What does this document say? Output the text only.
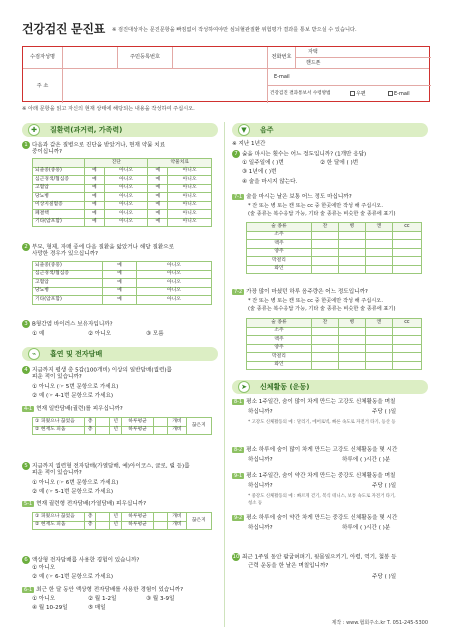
건강검진 문진표 ※ 검진대상자는 문진문항을 빠짐없이 작성하여야만 심뇌혈관질환 위험평가 결과를 통보 받으실 수 있습니다.
수검자성명	주민등록번호	전화번호
자택
핸드폰
주 소
E-mail
건강검진 결과통보서 수령방법	우편	E-mail
※ 아래 문항을 읽고 자신의 현재 상태에 해당되는 내용을 작성하여 주십시오.
✚	질환력(과거력, 가족력)
1 다음과 같은 질병으로 진단을 받았거나, 현재 약물 치료
중이십니까?
	진단		약물치료	
뇌졸중(중풍)	예	아니오	예	아니오
심근경색/협심증	예	아니오	예	아니오
고혈압	예	아니오	예	아니오
당뇨병	예	아니오	예	아니오
이상지질혈증	예	아니오	예	아니오
폐결핵	예	아니오	예	아니오
기타(암포함)	예	아니오	예	아니오
2 부모, 형제, 자매 중에 다음 질환을 앓았거나 해당 질환으로
사망한 경우가 있으십니까?
뇌졸중(중풍)	예	아니오
심근경색/협심증	예	아니오
고혈압	예	아니오
당뇨병	예	아니오
기타(암포함)	예	아니오
3 B형간염 바이러스 보유자입니까?
① 예	② 아니오	③ 모름
⌁	흡연 및 전자담배
4 지금까지 평생 총 5갑(100개비) 이상의 일반담배(궐련)를
피운 적이 있습니까?
① 아니오 (☞ 5번 문항으로 가세요)
② 예 (☞ 4-1번 문항으로 가세요)
4-1 현재 일반담배(궐련)를 피우십니까?
① 피웠으나 끊었음	총		년	하루평균		개비	끊은지
② 현재도 피움	총		년	하루평균		개비	
5 지금까지 궐련형 전자담배(가열담배, 예)아이코스, 글로, 릴 등)를
피운 적이 있습니까?
① 아니오 (☞ 6번 문항으로 가세요)
② 예 (☞ 5-1번 문항으로 가세요)
5-1 현재 궐련형 전자담배(가열담배) 피우십니까?
① 피웠으나 끊었음	총		년	하루평균		개비	끊은지
② 현재도 피움	총		년	하루평균		개비	
6 액상형 전자담배를 사용한 경험이 있습니까?
① 아니오
② 예 (☞ 6-1번 문항으로 가세요)
6-1 최근 한 달 동안 액상형 전자담배를 사용한 경험이 있습니까?
① 아니오	② 월 1-2일	③ 월 3-9일
④ 월 10-29일	⑤ 매일
▼	음주
※ 지난 1년간
7 술을 마시는 횟수는 어느 정도입니까? (1개만 응답)
① 일주일에 ( )번	② 한 달에 ( )번
③ 1년에 ( )번
④ 술을 마시지 않는다.
7-1 술을 마시는 날은 보통 어느 정도 마십니까?
* 잔 또는 병 또는 캔 또는 cc 중 한곳에만 작성 해 주십시오.
(술 종류는 복수응답 가능, 기타 술 종류는 비슷한 술 종류에 표기)
술 종류	잔	병	캔	cc
소주				
맥주				
양주				
막걸리				
와인				
7-2 가장 많이 마셨던 하루 음주량은 어느 정도입니까?
* 잔 또는 병 또는 캔 또는 cc 중 한곳에만 작성 해 주십시오.
(술 종류는 복수응답 가능, 기타 술 종류는 비슷한 술 종류에 표기)
술 종류	잔	병	캔	cc
소주				
맥주				
양주				
막걸리				
와인				
➤	신체활동 (운동)
8-1 평소 1주일간, 숨이 많이 차게 만드는 고강도 신체활동을 며칠
하십니까?	주당 ( )일
* 고강도 신체활동의 예 : 달리기, 에어로빅, 빠른 속도로 자전거 타기, 등산 등
8-2 평소 하루에 숨이 많이 차게 만드는 고강도 신체활동을 몇 시간
하십니까?	하루에 ( )시간 ( )분
9-1 평소 1주일간, 숨이 약간 차게 만드는 중강도 신체활동을 며칠
하십니까?	주당 ( )일
* 중강도 신체활동의 예 : 빠르게 걷기, 복식 테니스, 보통 속도로 자전거 타기,
청소 등
9-2 평소 하루에 숨이 약간 차게 만드는 중강도 신체활동을 몇 시간
하십니까?	하루에 ( )시간 ( )분
10 최근 1주일 동안 팔굽혀펴기, 윗몸일으키기, 아령, 역기, 철봉 등
근력 운동을 한 날은 며칠입니까?
주당 ( )일
제작 : www.협회주소.kr T. 051-245-5300
